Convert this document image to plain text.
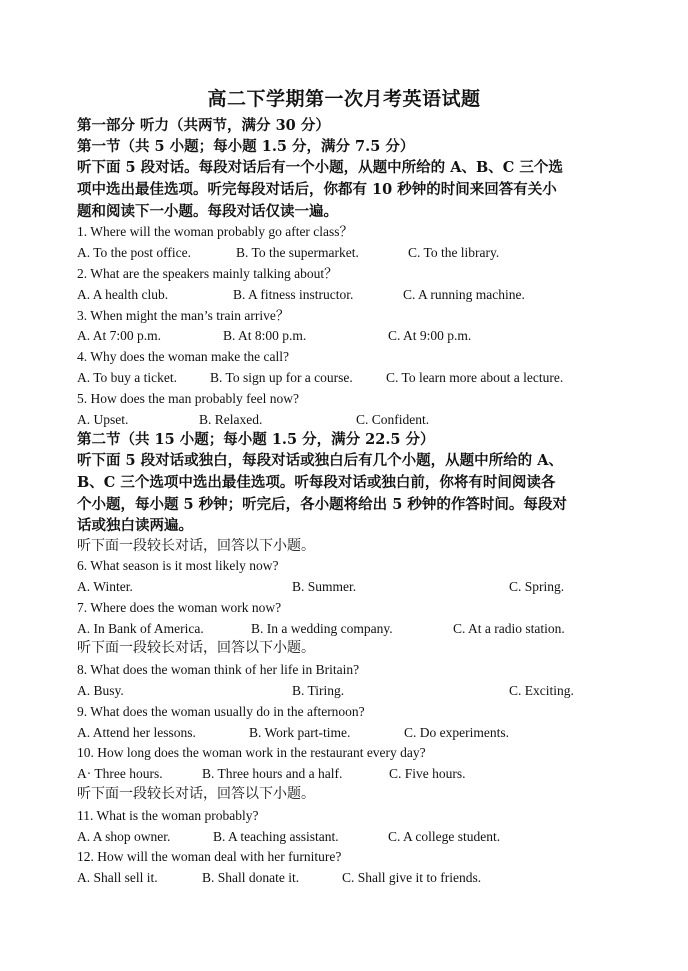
高二下学期第一次月考英语试题
第一部分 听力（共两节，满分 30 分）
第一节（共 5 小题；每小题 1.5 分，满分 7.5 分）
听下面 5 段对话。每段对话后有一个小题，从题中所给的 A、B、C 三个选
项中选出最佳选项。听完每段对话后，你都有 10 秒钟的时间来回答有关小
题和阅读下一小题。每段对话仅读一遍。
1. Where will the woman probably go after class？
A. To the post office.	B. To the supermarket.	C. To the library.
2. What are the speakers mainly talking about？
A. A health club.	B. A fitness instructor.	C. A running machine.
3. When might the man’s train arrive？
A. At 7:00 p.m.	B. At 8:00 p.m.	C. At 9:00 p.m.
4. Why does the woman make the call?
A. To buy a ticket. B. To sign up for a course. C. To learn more about a lecture.
5. How does the man probably feel now?
A. Upset.	B. Relaxed.	C. Confident.
第二节（共 15 小题；每小题 1.5 分，满分 22.5 分）
听下面 5 段对话或独白，每段对话或独白后有几个小题，从题中所给的 A、
B、C 三个选项中选出最佳选项。听每段对话或独白前，你将有时间阅读各
个小题，每小题 5 秒钟；听完后，各小题将给出 5 秒钟的作答时间。每段对
话或独白读两遍。
听下面一段较长对话，回答以下小题。
6. What season is it most likely now?
A. Winter.	B. Summer.	C. Spring.
7. Where does the woman work now?
A. In Bank of America.	B. In a wedding company.	C. At a radio station.
听下面一段较长对话，回答以下小题。
8. What does the woman think of her life in Britain?
A. Busy.	B. Tiring.	C. Exciting.
9. What does the woman usually do in the afternoon?
A. Attend her lessons.	B. Work part-time.	C. Do experiments.
10. How long does the woman work in the restaurant every day?
A· Three hours.	B. Three hours and a half.	C. Five hours.
听下面一段较长对话，回答以下小题。
11. What is the woman probably?
A. A shop owner.	B. A teaching assistant.	C. A college student.
12. How will the woman deal with her furniture?
A. Shall sell it.	B. Shall donate it.	C. Shall give it to friends.
